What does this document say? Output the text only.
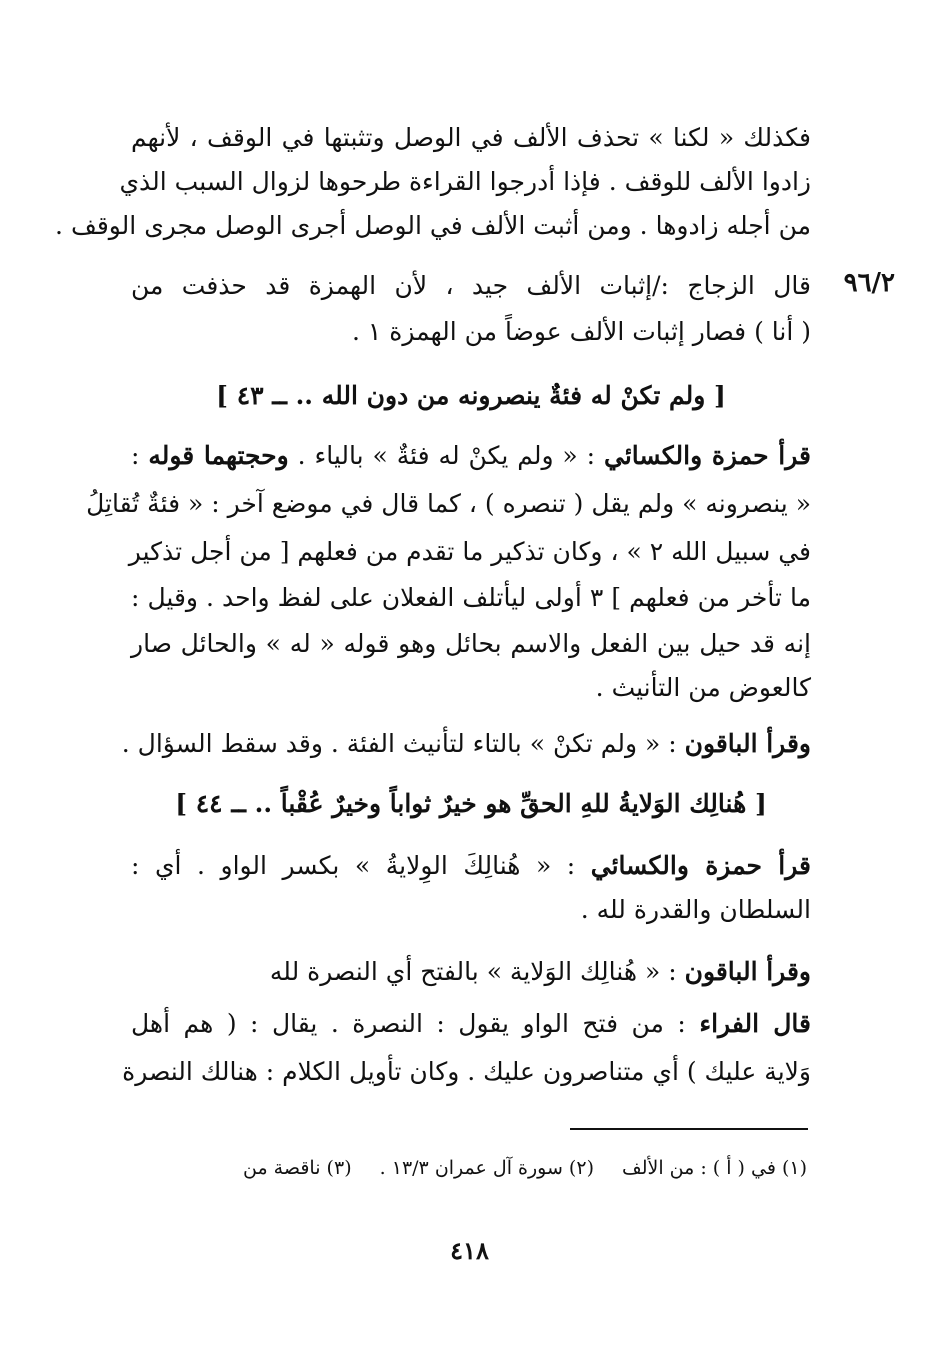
فكذلك « لكنا » تحذف الألف في الوصل وتثبتها في الوقف ، لأنهم
زادوا الألف للوقف . فإذا أدرجوا القراءة طرحوها لزوال السبب الذي
من أجله زادوها . ومن أثبت الألف في الوصل أجرى الوصل مجرى الوقف .
٩٦/٢
قال الزجاج :/إثبات الألف جيد ، لأن الهمزة قد حذفت من
( أنا ) فصار إثبات الألف عوضاً من الهمزة ١ .
[ ولم تكنْ له فئةٌ ينصرونه من دون الله .. ــ ٤٣ ]
قرأ حمزة والكسائي : « ولم يكنْ له فئةٌ » بالياء . وحجتهما قوله :
« ينصرونه » ولم يقل ( تنصره ) ، كما قال في موضع آخر : « فئةٌ تُقاتِلُ
في سبيل الله ٢ » ، وكان تذكير ما تقدم من فعلهم [ من أجل تذكير
ما تأخر من فعلهم ] ٣ أولى ليأتلف الفعلان على لفظ واحد . وقيل :
إنه قد حيل بين الفعل والاسم بحائل وهو قوله « له » والحائل صار
كالعوض من التأنيث .
وقرأ الباقون : « ولم تكنْ » بالتاء لتأنيث الفئة . وقد سقط السؤال .
[ هُنالِك الوَلايةُ للهِ الحقِّ هو خيرٌ ثواباً وخيرٌ عُقْباً .. ــ ٤٤ ]
قرأ حمزة والكسائي : « هُنالِكَ الوِلايةُ » بكسر الواو . أي :
السلطان والقدرة لله .
وقرأ الباقون : « هُنالِك الوَلاية » بالفتح أي النصرة لله
قال الفراء : من فتح الواو يقول : النصرة . يقال : ( هم أهل
وَلاية عليك ) أي متناصرون عليك . وكان تأويل الكلام : هنالك النصرة
(١) في ( أ ) : من الألف (٢) سورة آل عمران ١٣/٣ . (٣) ناقصة من
٤١٨
